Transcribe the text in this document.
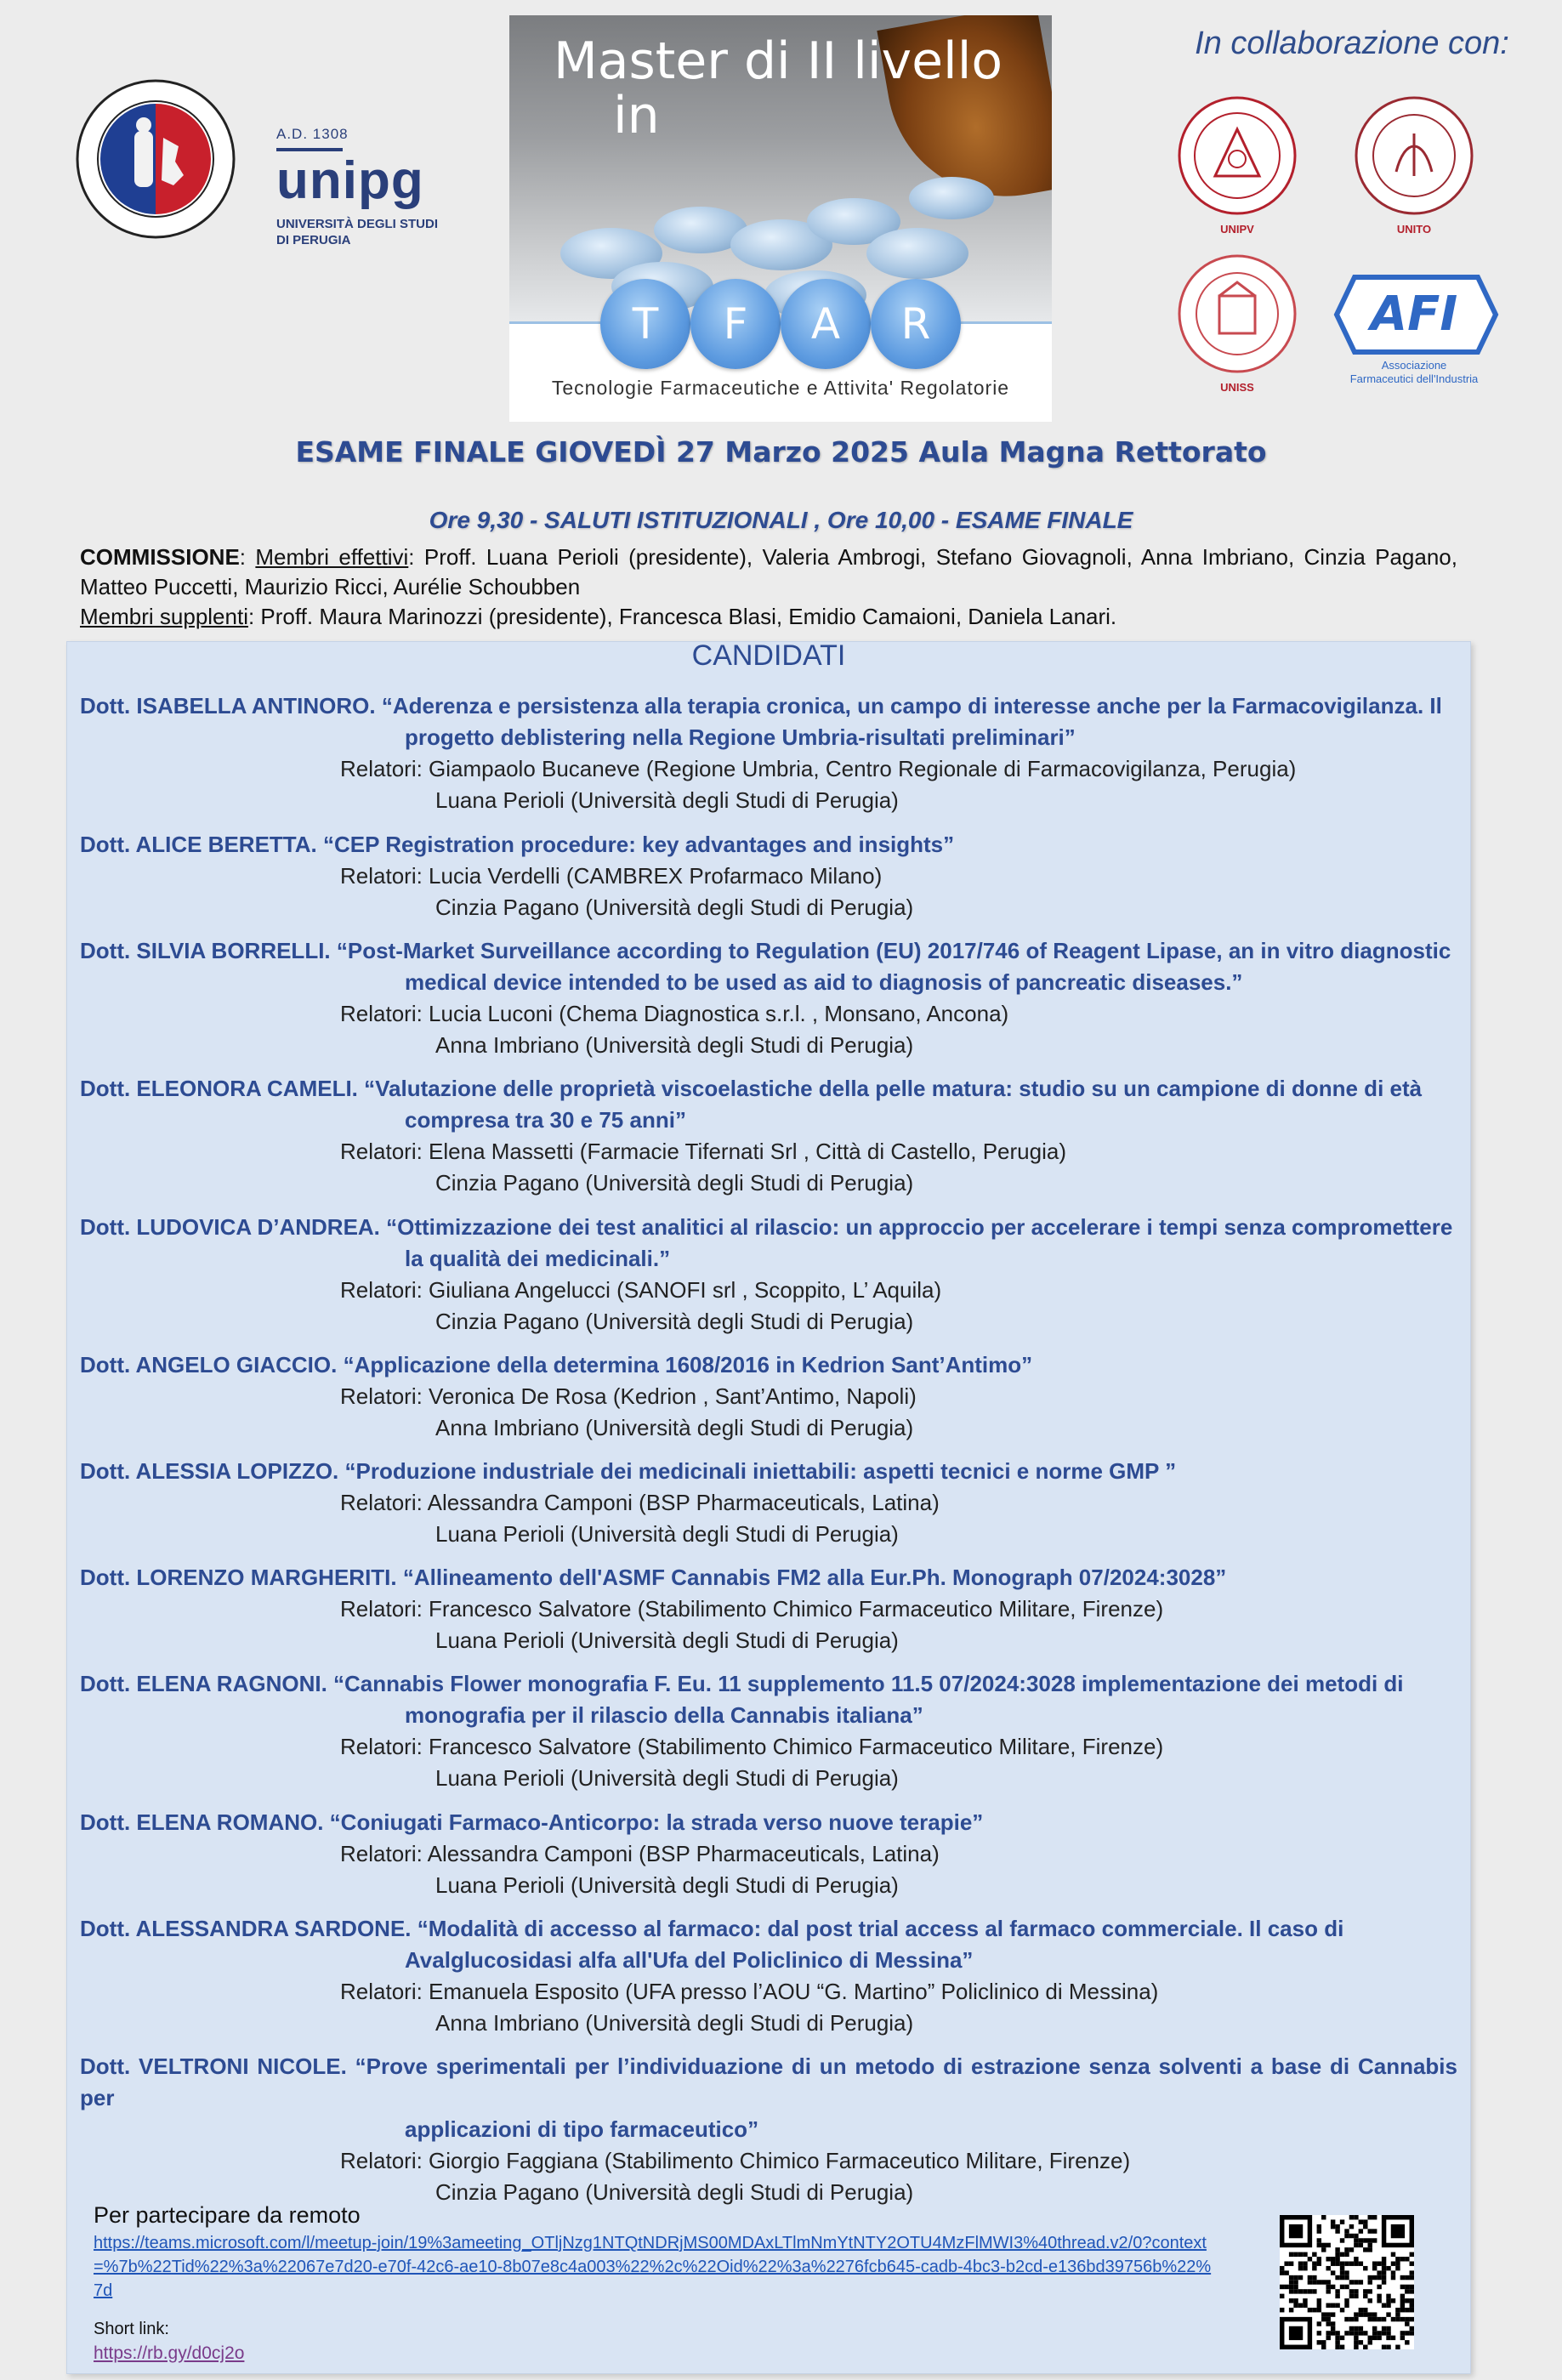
A.D. 1308
unipg
UNIVERSITÀ DEGLI STUDI
DI PERUGIA
Master di II livello
in
T	F	A	R
Tecnologie Farmaceutiche e Attivita' Regolatorie
In collaborazione con:
UNIPV	UNITO
UNISS
AFI
Associazione
Farmaceutici dell'Industria
ESAME FINALE GIOVEDÌ 27 Marzo 2025 Aula Magna Rettorato
Ore 9,30 - SALUTI ISTITUZIONALI , Ore 10,00 - ESAME FINALE
COMMISSIONE: Membri effettivi: Proff. Luana Perioli (presidente), Valeria Ambrogi, Stefano Giovagnoli, Anna Imbriano, Cinzia Pagano, Matteo Puccetti, Maurizio Ricci, Aurélie Schoubben
Membri supplenti: Proff. Maura Marinozzi (presidente), Francesca Blasi, Emidio Camaioni, Daniela Lanari.
CANDIDATI
Dott. ISABELLA ANTINORO. “Aderenza e persistenza alla terapia cronica, un campo di interesse anche per la Farmacovigilanza. Il
progetto deblistering nella Regione Umbria-risultati preliminari”
Relatori: Giampaolo Bucaneve (Regione Umbria, Centro Regionale di Farmacovigilanza, Perugia)
Luana Perioli (Università degli Studi di Perugia)
Dott. ALICE BERETTA. “CEP Registration procedure: key advantages and insights”
Relatori: Lucia Verdelli (CAMBREX Profarmaco Milano)
Cinzia Pagano (Università degli Studi di Perugia)
Dott. SILVIA BORRELLI. “Post-Market Surveillance according to Regulation (EU) 2017/746 of Reagent Lipase, an in vitro diagnostic
medical device intended to be used as aid to diagnosis of pancreatic diseases.”
Relatori: Lucia Luconi (Chema Diagnostica s.r.l. , Monsano, Ancona)
Anna Imbriano (Università degli Studi di Perugia)
Dott. ELEONORA CAMELI. “Valutazione delle proprietà viscoelastiche della pelle matura: studio su un campione di donne di età
compresa tra 30 e 75 anni”
Relatori: Elena Massetti (Farmacie Tifernati Srl , Città di Castello, Perugia)
Cinzia Pagano (Università degli Studi di Perugia)
Dott. LUDOVICA D’ANDREA. “Ottimizzazione dei test analitici al rilascio: un approccio per accelerare i tempi senza compromettere
la qualità dei medicinali.”
Relatori: Giuliana Angelucci (SANOFI srl , Scoppito, L’ Aquila)
Cinzia Pagano (Università degli Studi di Perugia)
Dott. ANGELO GIACCIO. “Applicazione della determina 1608/2016 in Kedrion Sant’Antimo”
Relatori: Veronica De Rosa (Kedrion , Sant’Antimo, Napoli)
Anna Imbriano (Università degli Studi di Perugia)
Dott. ALESSIA LOPIZZO. “Produzione industriale dei medicinali iniettabili: aspetti tecnici e norme GMP ”
Relatori: Alessandra Camponi (BSP Pharmaceuticals, Latina)
Luana Perioli (Università degli Studi di Perugia)
Dott. LORENZO MARGHERITI. “Allineamento dell'ASMF Cannabis FM2 alla Eur.Ph. Monograph 07/2024:3028”
Relatori: Francesco Salvatore (Stabilimento Chimico Farmaceutico Militare, Firenze)
Luana Perioli (Università degli Studi di Perugia)
Dott. ELENA RAGNONI. “Cannabis Flower monografia F. Eu. 11 supplemento 11.5 07/2024:3028 implementazione dei metodi di
monografia per il rilascio della Cannabis italiana”
Relatori: Francesco Salvatore (Stabilimento Chimico Farmaceutico Militare, Firenze)
Luana Perioli (Università degli Studi di Perugia)
Dott. ELENA ROMANO. “Coniugati Farmaco-Anticorpo: la strada verso nuove terapie”
Relatori: Alessandra Camponi (BSP Pharmaceuticals, Latina)
Luana Perioli (Università degli Studi di Perugia)
Dott. ALESSANDRA SARDONE. “Modalità di accesso al farmaco: dal post trial access al farmaco commerciale. Il caso di
Avalglucosidasi alfa all'Ufa del Policlinico di Messina”
Relatori: Emanuela Esposito (UFA presso l’AOU “G. Martino” Policlinico di Messina)
Anna Imbriano (Università degli Studi di Perugia)
Dott. VELTRONI NICOLE. “Prove sperimentali per l’individuazione di un metodo di estrazione senza solventi a base di Cannabis per
applicazioni di tipo farmaceutico”
Relatori: Giorgio Faggiana (Stabilimento Chimico Farmaceutico Militare, Firenze)
Cinzia Pagano (Università degli Studi di Perugia)
Per partecipare da remoto
https://teams.microsoft.com/l/meetup-join/19%3ameeting_OTljNzg1NTQtNDRjMS00MDAxLTlmNmYtNTY2OTU4MzFlMWI3%40thread.v2/0?context=%7b%22Tid%22%3a%22067e7d20-e70f-42c6-ae10-8b07e8c4a003%22%2c%22Oid%22%3a%2276fcb645-cadb-4bc3-b2cd-e136bd39756b%22%7d
Short link:
https://rb.gy/d0cj2o
